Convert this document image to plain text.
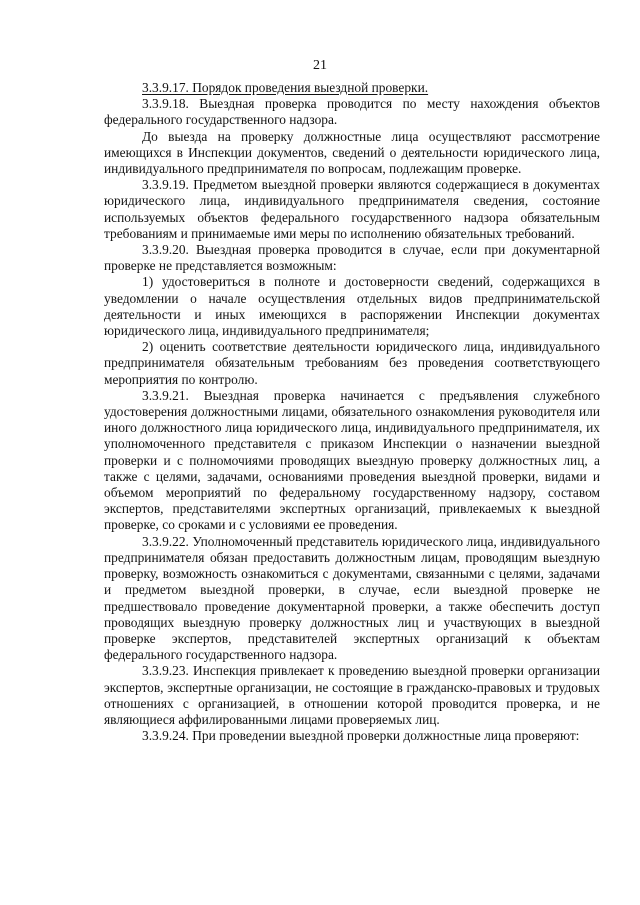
21

3.3.9.17. Порядок проведения выездной проверки.

3.3.9.18. Выездная проверка проводится по месту нахождения объектов федерального государственного надзора.

До выезда на проверку должностные лица осуществляют рассмотрение имеющихся в Инспекции документов, сведений о деятельности юридического лица, индивидуального предпринимателя по вопросам, подлежащим проверке.

3.3.9.19. Предметом выездной проверки являются содержащиеся в документах юридического лица, индивидуального предпринимателя сведения, состояние используемых объектов федерального государственного надзора обязательным требованиям и принимаемые ими меры по исполнению обязательных требований.

3.3.9.20. Выездная проверка проводится в случае, если при документарной проверке не представляется возможным:

1) удостовериться в полноте и достоверности сведений, содержащихся в уведомлении о начале осуществления отдельных видов предпринимательской деятельности и иных имеющихся в распоряжении Инспекции документах юридического лица, индивидуального предпринимателя;

2) оценить соответствие деятельности юридического лица, индивидуального предпринимателя обязательным требованиям без проведения соответствующего мероприятия по контролю.

3.3.9.21. Выездная проверка начинается с предъявления служебного удостоверения должностными лицами, обязательного ознакомления руководителя или иного должностного лица юридического лица, индивидуального предпринимателя, их уполномоченного представителя с приказом Инспекции о назначении выездной проверки и с полномочиями проводящих выездную проверку должностных лиц, а также с целями, задачами, основаниями проведения выездной проверки, видами и объемом мероприятий по федеральному государственному надзору, составом экспертов, представителями экспертных организаций, привлекаемых к выездной проверке, со сроками и с условиями ее проведения.

3.3.9.22. Уполномоченный представитель юридического лица, индивидуального предпринимателя обязан предоставить должностным лицам, проводящим выездную проверку, возможность ознакомиться с документами, связанными с целями, задачами и предметом выездной проверки, в случае, если выездной проверке не предшествовало проведение документарной проверки, а также обеспечить доступ проводящих выездную проверку должностных лиц и участвующих в выездной проверке экспертов, представителей экспертных организаций к объектам федерального государственного надзора.

3.3.9.23. Инспекция привлекает к проведению выездной проверки организации экспертов, экспертные организации, не состоящие в гражданско-правовых и трудовых отношениях с организацией, в отношении которой проводится проверка, и не являющиеся аффилированными лицами проверяемых лиц.

3.3.9.24. При проведении выездной проверки должностные лица проверяют:
